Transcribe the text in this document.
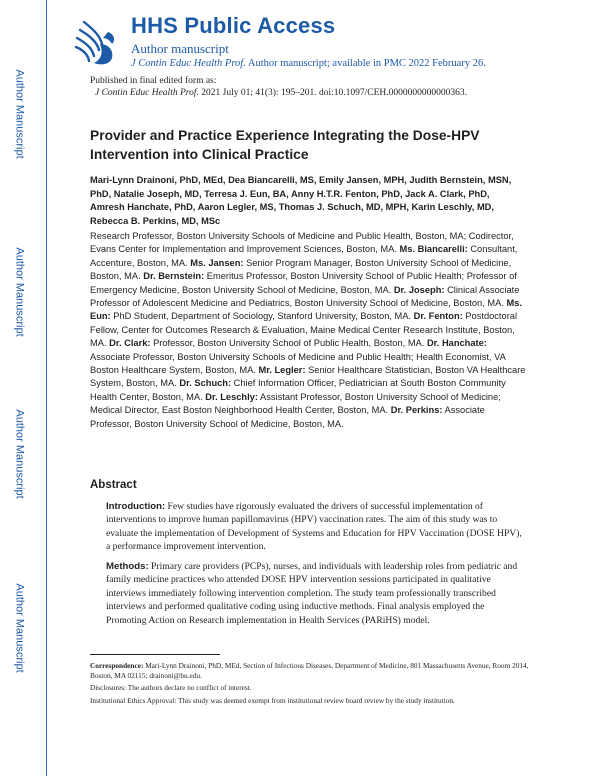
Author Manuscript
Author Manuscript
Author Manuscript
Author Manuscript
HHS Public Access
Author manuscript
J Contin Educ Health Prof. Author manuscript; available in PMC 2022 February 26.
Published in final edited form as:
J Contin Educ Health Prof. 2021 July 01; 41(3): 195–201. doi:10.1097/CEH.0000000000000363.
Provider and Practice Experience Integrating the Dose-HPV Intervention into Clinical Practice
Mari-Lynn Drainoni, PhD, MEd, Dea Biancarelli, MS, Emily Jansen, MPH, Judith Bernstein, MSN, PhD, Natalie Joseph, MD, Terresa J. Eun, BA, Anny H.T.R. Fenton, PhD, Jack A. Clark, PhD, Amresh Hanchate, PhD, Aaron Legler, MS, Thomas J. Schuch, MD, MPH, Karin Leschly, MD, Rebecca B. Perkins, MD, MSc
Research Professor, Boston University Schools of Medicine and Public Health, Boston, MA; Codirector, Evans Center for Implementation and Improvement Sciences, Boston, MA. Ms. Biancarelli: Consultant, Accenture, Boston, MA. Ms. Jansen: Senior Program Manager, Boston University School of Medicine, Boston, MA. Dr. Bernstein: Emeritus Professor, Boston University School of Public Health; Professor of Emergency Medicine, Boston University School of Medicine, Boston, MA. Dr. Joseph: Clinical Associate Professor of Adolescent Medicine and Pediatrics, Boston University School of Medicine, Boston, MA. Ms. Eun: PhD Student, Department of Sociology, Stanford University, Boston, MA. Dr. Fenton: Postdoctoral Fellow, Center for Outcomes Research & Evaluation, Maine Medical Center Research Institute, Boston, MA. Dr. Clark: Professor, Boston University School of Public Health, Boston, MA. Dr. Hanchate: Associate Professor, Boston University Schools of Medicine and Public Health; Health Economist, VA Boston Healthcare System, Boston, MA. Mr. Legler: Senior Healthcare Statistician, Boston VA Healthcare System, Boston, MA. Dr. Schuch: Chief Information Officer, Pediatrician at South Boston Community Health Center, Boston, MA. Dr. Leschly: Assistant Professor, Boston University School of Medicine; Medical Director, East Boston Neighborhood Health Center, Boston, MA. Dr. Perkins: Associate Professor, Boston University School of Medicine, Boston, MA.
Abstract
Introduction: Few studies have rigorously evaluated the drivers of successful implementation of interventions to improve human papillomavirus (HPV) vaccination rates. The aim of this study was to evaluate the implementation of Development of Systems and Education for HPV Vaccination (DOSE HPV), a performance improvement intervention.
Methods: Primary care providers (PCPs), nurses, and individuals with leadership roles from pediatric and family medicine practices who attended DOSE HPV intervention sessions participated in qualitative interviews immediately following intervention completion. The study team professionally transcribed interviews and performed qualitative coding using inductive methods. Final analysis employed the Promoting Action on Research implementation in Health Services (PARiHS) model.
Correspondence: Mari-Lynn Drainoni, PhD, MEd, Section of Infectious Diseases, Department of Medicine, 801 Massachusetts Avenue, Room 2014, Boston, MA 02115; drainoni@bu.edu.
Disclosures: The authors declare no conflict of interest.
Institutional Ethics Approval: This study was deemed exempt from institutional review board review by the study institution.
